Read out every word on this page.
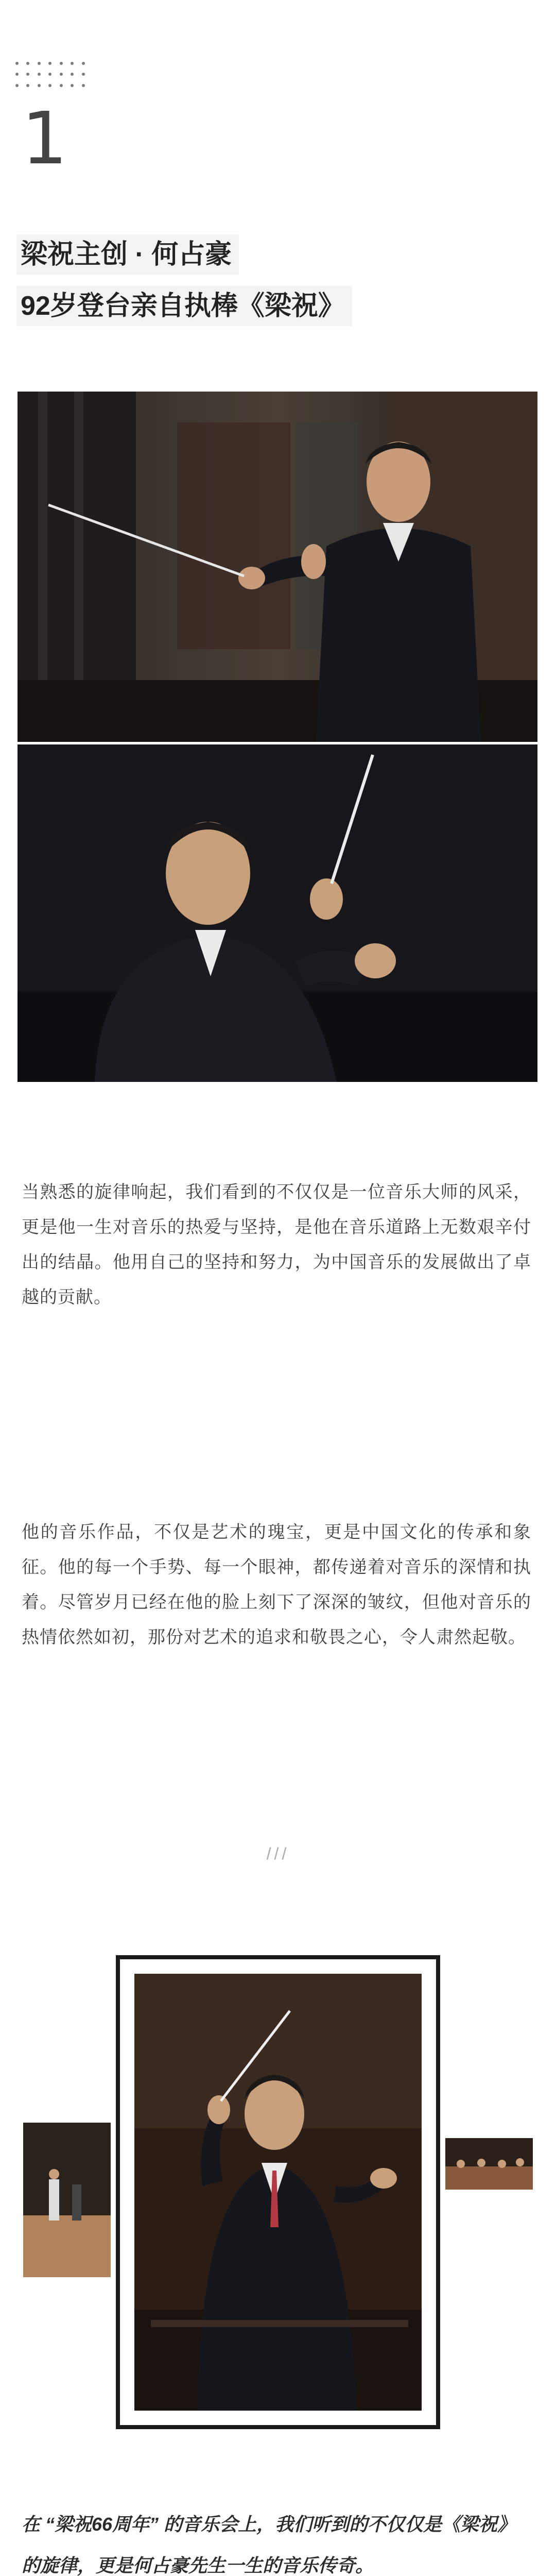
1
梁祝主创 · 何占豪
92岁登台亲自执棒《梁祝》

当熟悉的旋律响起，我们看到的不仅仅是一位音乐大师的风采，更是他一生对音乐的热爱与坚持，是他在音乐道路上无数艰辛付出的结晶。他用自己的坚持和努力，为中国音乐的发展做出了卓越的贡献。

他的音乐作品，不仅是艺术的瑰宝，更是中国文化的传承和象征。他的每一个手势、每一个眼神，都传递着对音乐的深情和执着。尽管岁月已经在他的脸上刻下了深深的皱纹，但他对音乐的热情依然如初，那份对艺术的追求和敬畏之心，令人肃然起敬。

///

在 “梁祝66周年” 的音乐会上，我们听到的不仅仅是《梁祝》的旋律，更是何占豪先生一生的音乐传奇。
